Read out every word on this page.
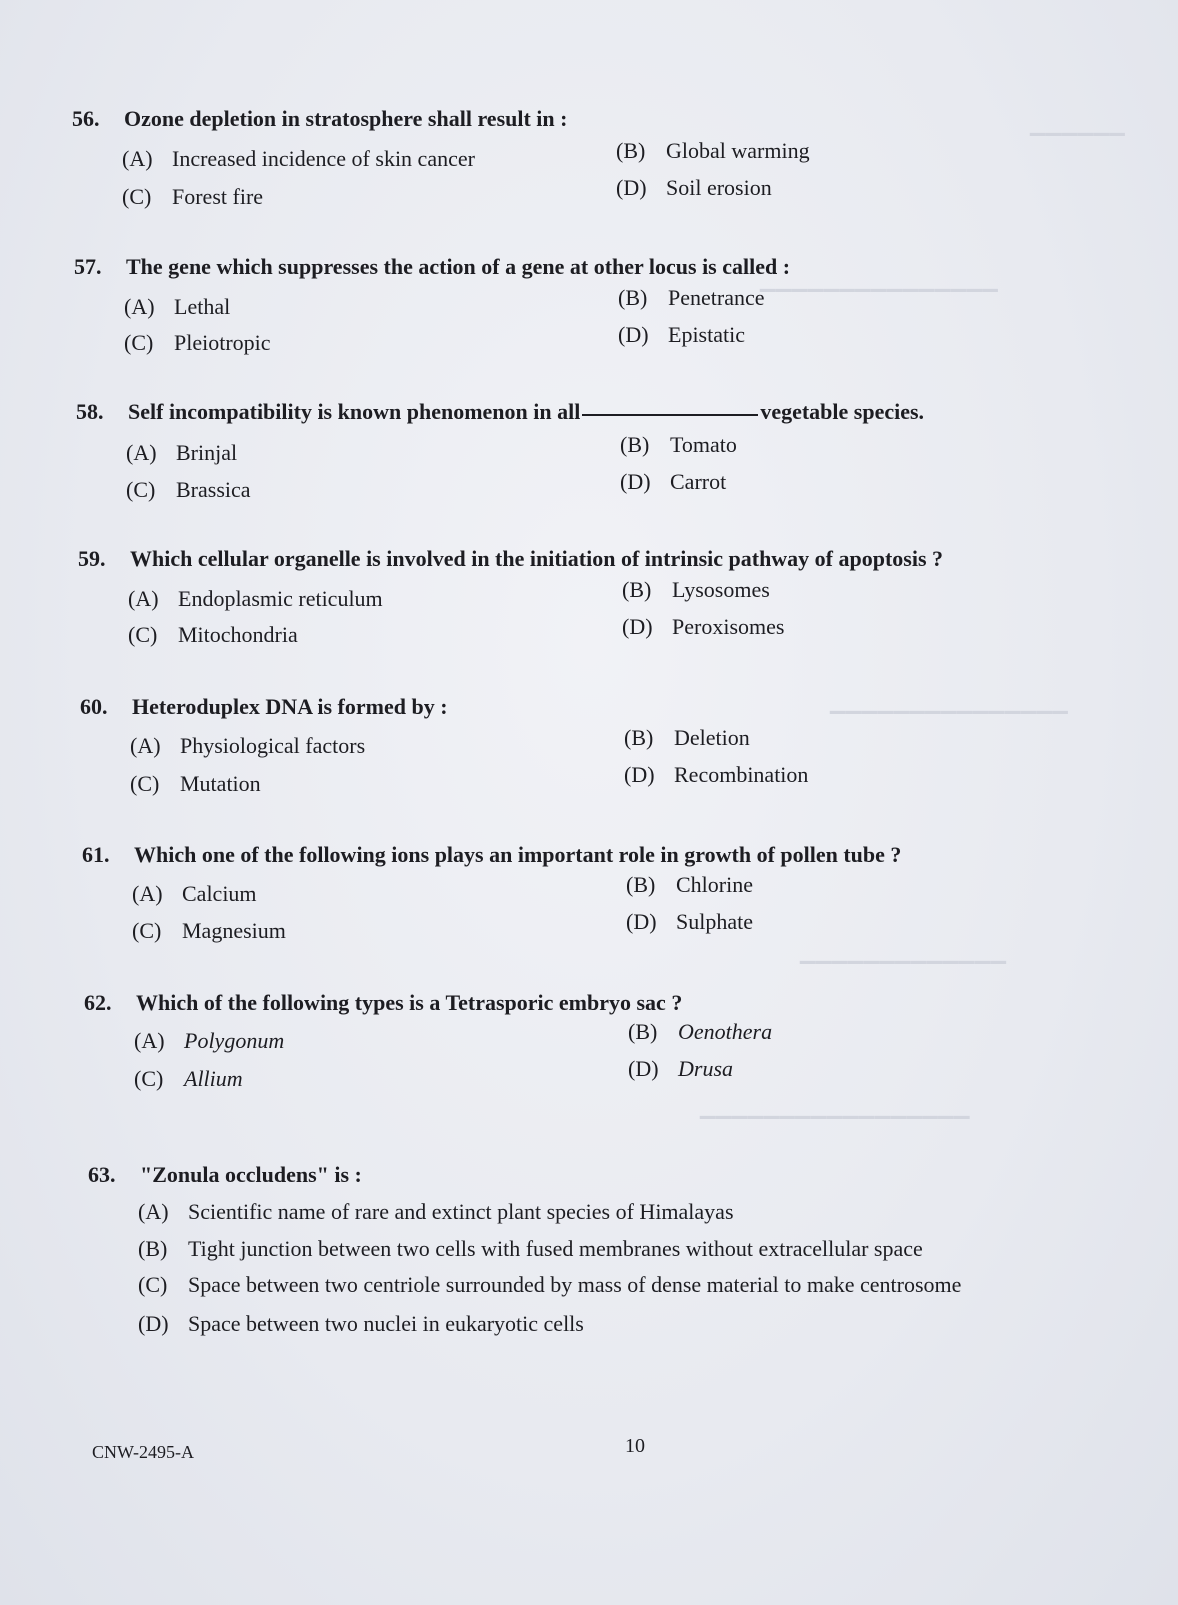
▁▁▁▁▁▁
▁▁▁▁▁▁▁▁▁▁▁▁▁▁▁
▁▁▁▁▁▁▁▁▁▁▁▁▁▁▁
▁▁▁▁▁▁▁▁▁▁▁▁▁
▁▁▁▁▁▁▁▁▁▁▁▁▁▁▁▁▁
56. Ozone depletion in stratosphere shall result in :
(A) Increased incidence of skin cancer	(B) Global warming
(C) Forest fire	(D) Soil erosion
57. The gene which suppresses the action of a gene at other locus is called :
(A) Lethal	(B) Penetrance
(C) Pleiotropic	(D) Epistatic
58. Self incompatibility is known phenomenon in all	vegetable species.
(A) Brinjal	(B) Tomato
(C) Brassica	(D) Carrot
59. Which cellular organelle is involved in the initiation of intrinsic pathway of apoptosis ?
(A) Endoplasmic reticulum	(B) Lysosomes
(C) Mitochondria	(D) Peroxisomes
60. Heteroduplex DNA is formed by :
(A) Physiological factors	(B) Deletion
(C) Mutation	(D) Recombination
61. Which one of the following ions plays an important role in growth of pollen tube ?
(A) Calcium	(B) Chlorine
(C) Magnesium	(D) Sulphate
62. Which of the following types is a Tetrasporic embryo sac ?
(A) Polygonum	(B) Oenothera
(C) Allium	(D) Drusa
63. "Zonula occludens" is :
(A) Scientific name of rare and extinct plant species of Himalayas
(B) Tight junction between two cells with fused membranes without extracellular space
(C) Space between two centriole surrounded by mass of dense material to make centrosome
(D) Space between two nuclei in eukaryotic cells
CNW-2495-A	10
